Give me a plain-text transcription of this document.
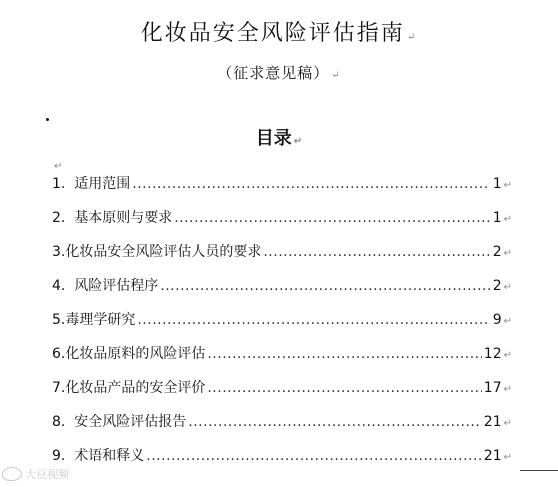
化妆品安全风险评估指南 ↵
（征求意见稿） ↵
目录 ↵
↵
1. 适用范围 .....	1 ↵
2. 基本原则与要求 .....	1 ↵
3. 化妆品安全风险评估人员的要求 .....	2 ↵
4. 风险评估程序 .....	2 ↵
5. 毒理学研究 .....	9 ↵
6. 化妆品原料的风险评估 .....	12 ↵
7. 化妆品产品的安全评价 .....	17 ↵
8. 安全风险评估报告 .....	21 ↵
9. 术语和释义 .....	21 ↵
大豆视频
